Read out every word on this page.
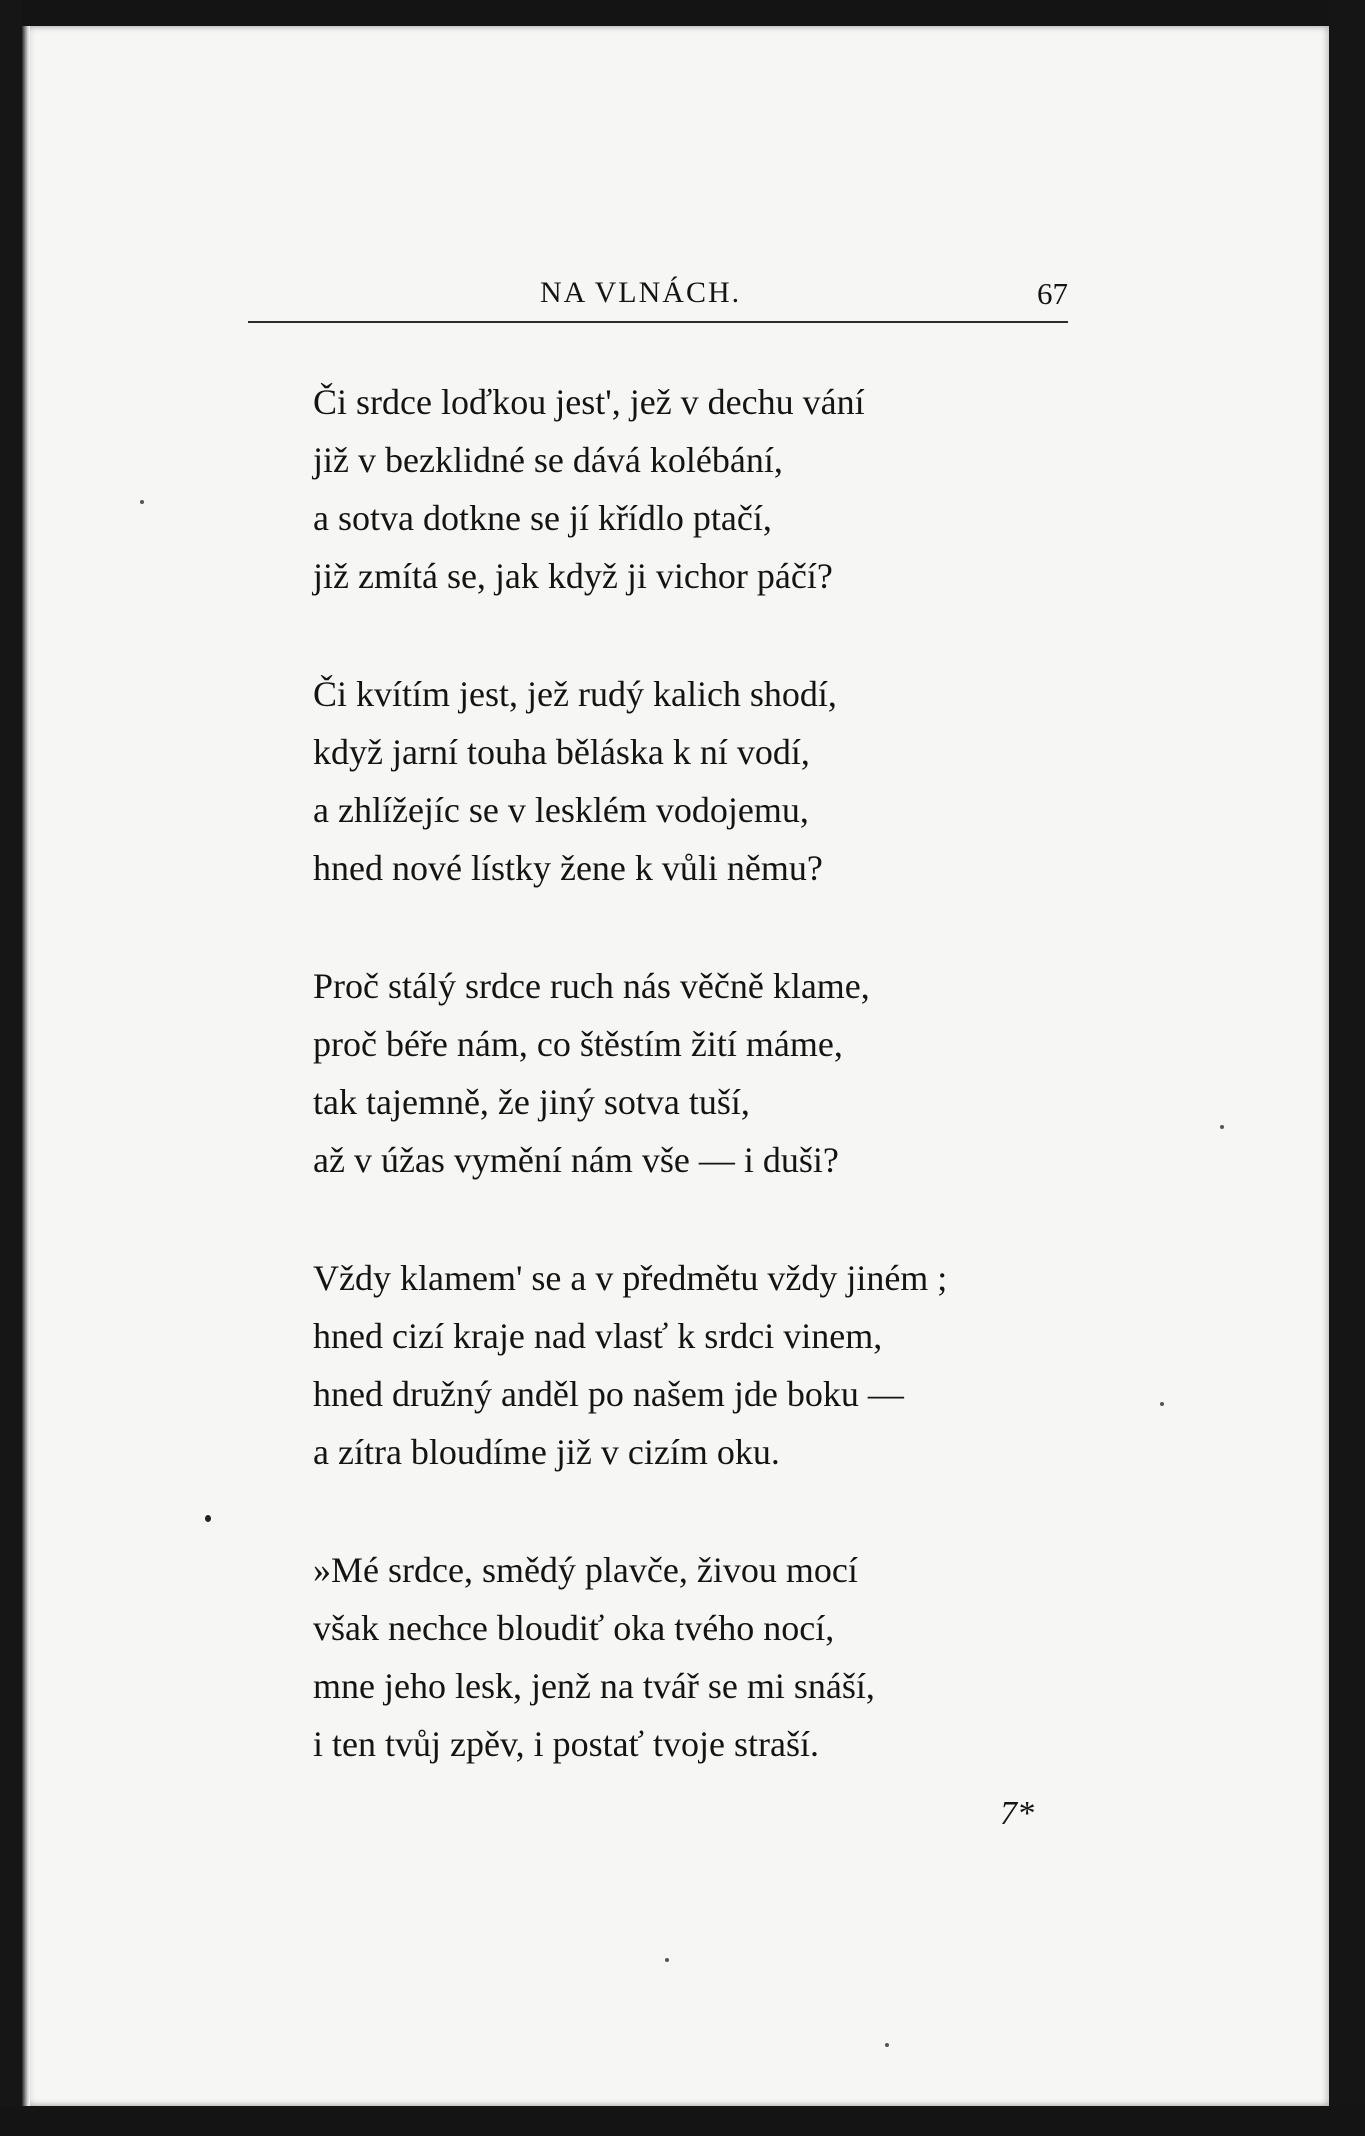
NA VLNÁCH.	67
Či srdce loďkou jest', jež v dechu vání
již v bezklidné se dává kolébání,
a sotva dotkne se jí křídlo ptačí,
již zmítá se, jak když ji vichor páčí?
Či kvítím jest, jež rudý kalich shodí,
když jarní touha běláska k ní vodí,
a zhlížejíc se v lesklém vodojemu,
hned nové lístky žene k vůli němu?
Proč stálý srdce ruch nás věčně klame,
proč béře nám, co štěstím žití máme,
tak tajemně, že jiný sotva tuší,
až v úžas vymění nám vše — i duši?
Vždy klamem' se a v předmětu vždy jiném ;
hned cizí kraje nad vlasť k srdci vinem,
hned družný anděl po našem jde boku —
a zítra bloudíme již v cizím oku.
»Mé srdce, smědý plavče, živou mocí
však nechce bloudiť oka tvého nocí,
mne jeho lesk, jenž na tvář se mi snáší,
i ten tvůj zpěv, i postať tvoje straší.
7*
